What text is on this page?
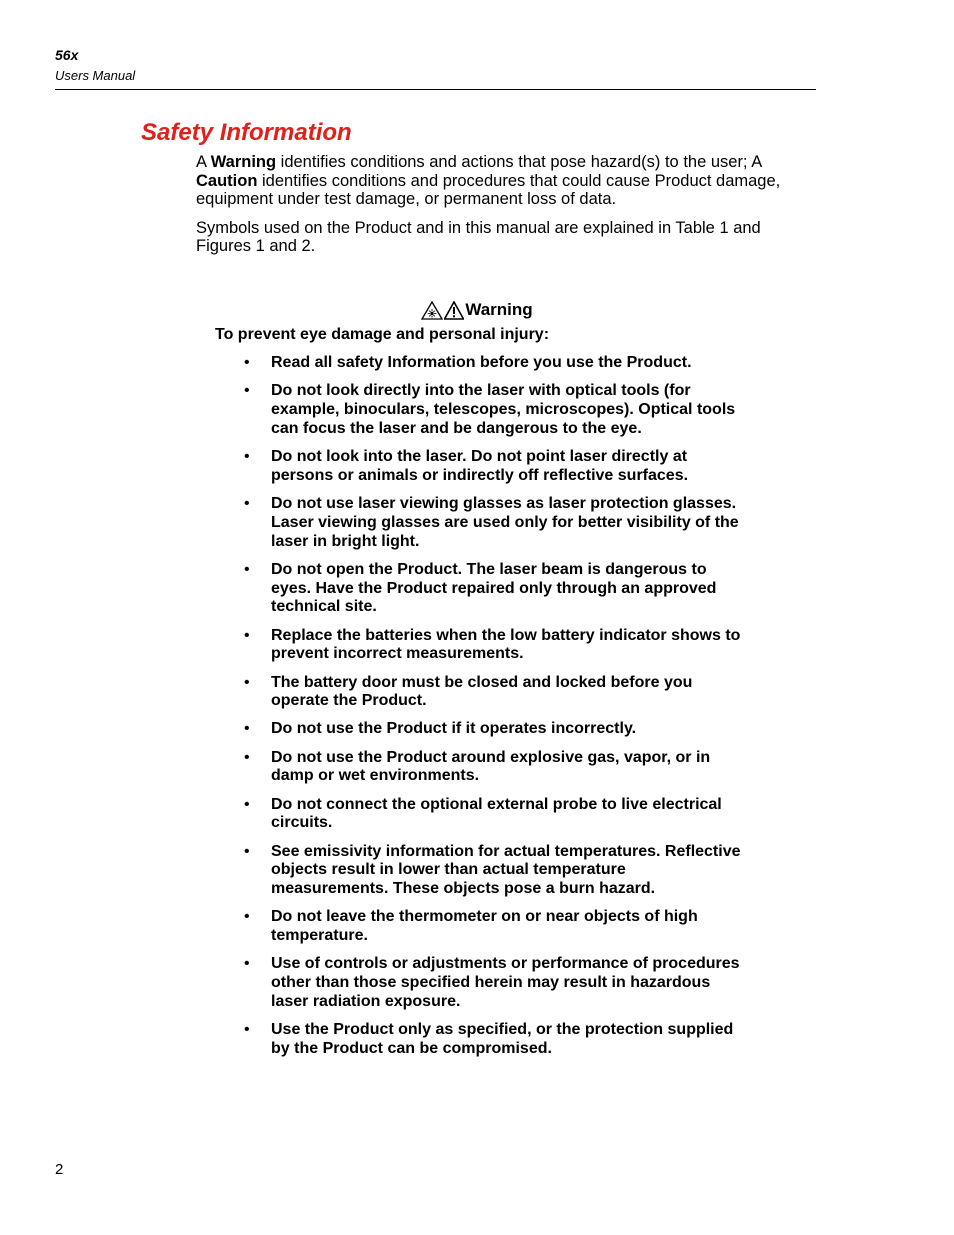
56x
Users Manual
Safety Information

A Warning identifies conditions and actions that pose hazard(s) to the user; A Caution identifies conditions and procedures that could cause Product damage, equipment under test damage, or permanent loss of data.

Symbols used on the Product and in this manual are explained in Table 1 and Figures 1 and 2.

Warning
To prevent eye damage and personal injury:
• Read all safety Information before you use the Product.
• Do not look directly into the laser with optical tools (for example, binoculars, telescopes, microscopes). Optical tools can focus the laser and be dangerous to the eye.
• Do not look into the laser. Do not point laser directly at persons or animals or indirectly off reflective surfaces.
• Do not use laser viewing glasses as laser protection glasses. Laser viewing glasses are used only for better visibility of the laser in bright light.
• Do not open the Product. The laser beam is dangerous to eyes. Have the Product repaired only through an approved technical site.
• Replace the batteries when the low battery indicator shows to prevent incorrect measurements.
• The battery door must be closed and locked before you operate the Product.
• Do not use the Product if it operates incorrectly.
• Do not use the Product around explosive gas, vapor, or in damp or wet environments.
• Do not connect the optional external probe to live electrical circuits.
• See emissivity information for actual temperatures. Reflective objects result in lower than actual temperature measurements. These objects pose a burn hazard.
• Do not leave the thermometer on or near objects of high temperature.
• Use of controls or adjustments or performance of procedures other than those specified herein may result in hazardous laser radiation exposure.
• Use the Product only as specified, or the protection supplied by the Product can be compromised.
2
